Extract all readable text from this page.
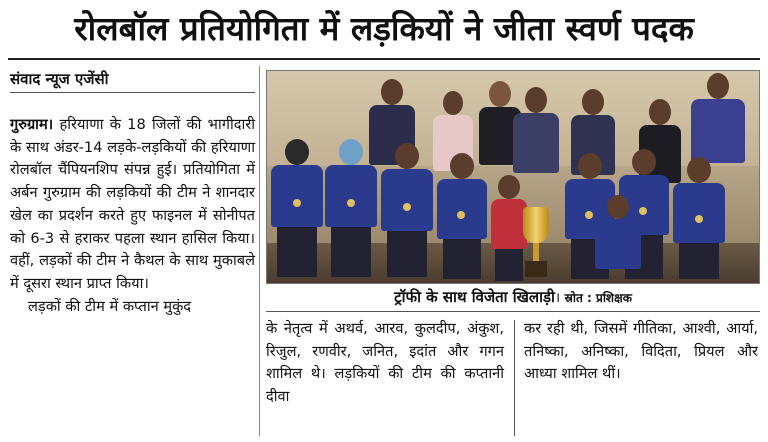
रोलबॉल प्रतियोगिता में लड़कियों ने जीता स्वर्ण पदक
संवाद न्यूज एजेंसी

गुरुग्राम। हरियाणा के 18 जिलों की भागीदारी के साथ अंडर-14 लड़के-लड़कियों की हरियाणा रोलबॉल चैंपियनशिप संपन्न हुई। प्रतियोगिता में अर्बन गुरुग्राम की लड़कियों की टीम ने शानदार खेल का प्रदर्शन करते हुए फाइनल में सोनीपत को 6-3 से हराकर पहला स्थान हासिल किया। वहीं, लड़कों की टीम ने कैथल के साथ मुकाबले में दूसरा स्थान प्राप्त किया।

लड़कों की टीम में कप्तान मुकुंद

ट्रॉफी के साथ विजेता खिलाड़ी। स्रोत : प्रशिक्षक

के नेतृत्व में अथर्व, आरव, कुलदीप, अंकुश, रिजुल, रणवीर, जनित, इदांत और गगन शामिल थे। लड़कियों की टीम की कप्तानी दीवा

कर रही थी, जिसमें गीतिका, आश्वी, आर्या, तनिष्का, अनिष्का, विदिता, प्रियल और आध्या शामिल थीं।
